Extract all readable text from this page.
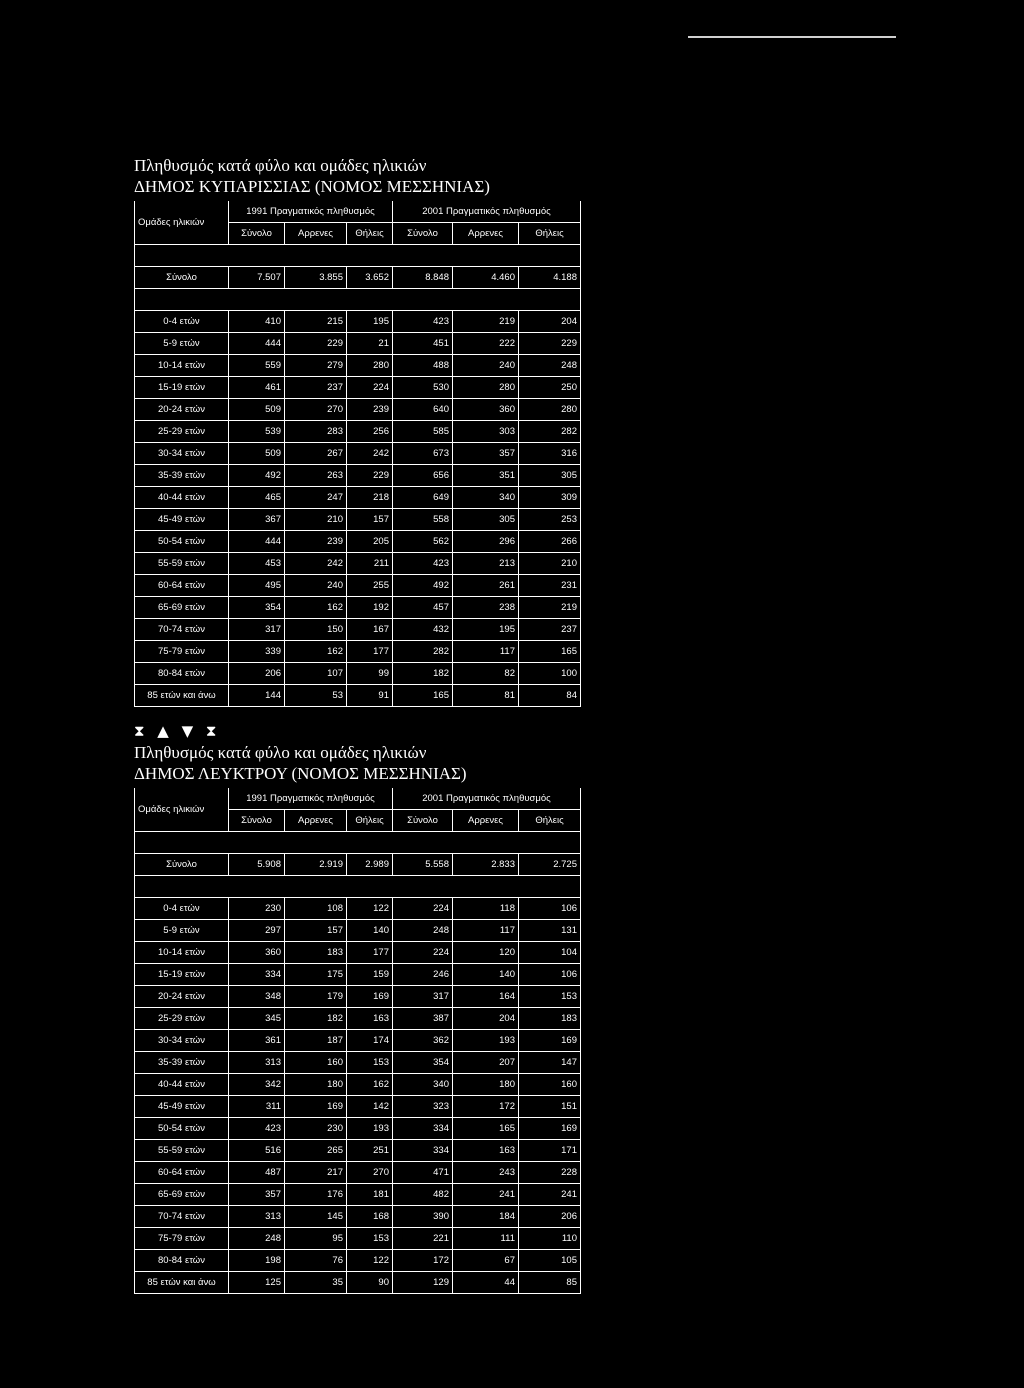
Πληθυσμός κατά φύλο και ομάδες ηλικιών
ΔΗΜΟΣ ΚΥΠΑΡΙΣΣΙΑΣ (ΝΟΜΟΣ ΜΕΣΣΗΝΙΑΣ)
Ομάδες ηλικιών	1991 Πραγματικός πληθυσμός			2001 Πραγματικός πληθυσμός		
	Σύνολο	Αρρενες	Θήλεις	Σύνολο	Αρρενες	Θήλεις

Σύνολο	7.507	3.855	3.652	8.848	4.460	4.188

0-4 ετών	410	215	195	423	219	204
5-9 ετών	444	229	21	451	222	229
10-14 ετών	559	279	280	488	240	248
15-19 ετών	461	237	224	530	280	250
20-24 ετών	509	270	239	640	360	280
25-29 ετών	539	283	256	585	303	282
30-34 ετών	509	267	242	673	357	316
35-39 ετών	492	263	229	656	351	305
40-44 ετών	465	247	218	649	340	309
45-49 ετών	367	210	157	558	305	253
50-54 ετών	444	239	205	562	296	266
55-59 ετών	453	242	211	423	213	210
60-64 ετών	495	240	255	492	261	231
65-69 ετών	354	162	192	457	238	219
70-74 ετών	317	150	167	432	195	237
75-79 ετών	339	162	177	282	117	165
80-84 ετών	206	107	99	182	82	100
85 ετών και άνω	144	53	91	165	81	84
⧗ ▲ ▼ ⧗
Πληθυσμός κατά φύλο και ομάδες ηλικιών
ΔΗΜΟΣ ΛΕΥΚΤΡΟΥ (ΝΟΜΟΣ ΜΕΣΣΗΝΙΑΣ)
Ομάδες ηλικιών	1991 Πραγματικός πληθυσμός			2001 Πραγματικός πληθυσμός		
	Σύνολο	Αρρενες	Θήλεις	Σύνολο	Αρρενες	Θήλεις

Σύνολο	5.908	2.919	2.989	5.558	2.833	2.725

0-4 ετών	230	108	122	224	118	106
5-9 ετών	297	157	140	248	117	131
10-14 ετών	360	183	177	224	120	104
15-19 ετών	334	175	159	246	140	106
20-24 ετών	348	179	169	317	164	153
25-29 ετών	345	182	163	387	204	183
30-34 ετών	361	187	174	362	193	169
35-39 ετών	313	160	153	354	207	147
40-44 ετών	342	180	162	340	180	160
45-49 ετών	311	169	142	323	172	151
50-54 ετών	423	230	193	334	165	169
55-59 ετών	516	265	251	334	163	171
60-64 ετών	487	217	270	471	243	228
65-69 ετών	357	176	181	482	241	241
70-74 ετών	313	145	168	390	184	206
75-79 ετών	248	95	153	221	111	110
80-84 ετών	198	76	122	172	67	105
85 ετών και άνω	125	35	90	129	44	85
